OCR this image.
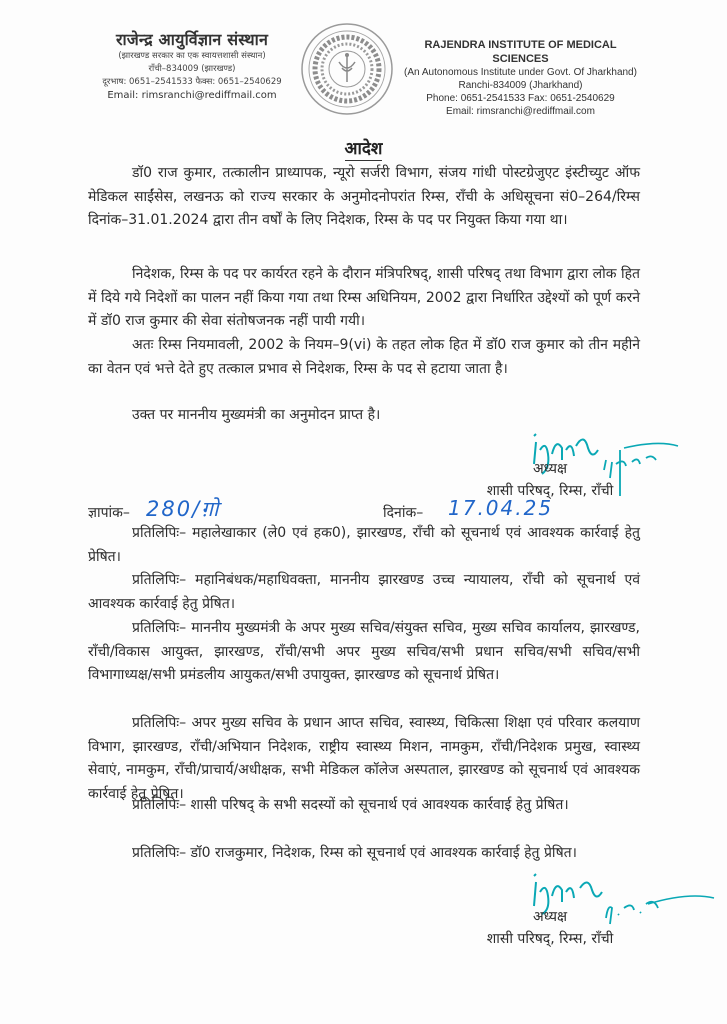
राजेन्द्र आयुर्विज्ञान संस्थान
(झारखण्ड सरकार का एक स्वायत्तशासी संस्थान)
राँची–834009 (झारखण्ड)
दूरभाष: 0651–2541533 फैक्स: 0651–2540629
Email: rimsranchi@rediffmail.com
RAJENDRA INSTITUTE OF MEDICAL SCIENCES
(An Autonomous Institute under Govt. Of Jharkhand)
Ranchi-834009 (Jharkhand)
Phone: 0651-2541533 Fax: 0651-2540629
Email: rimsranchi@rediffmail.com
आदेश
डॉ0 राज कुमार, तत्कालीन प्राध्यापक, न्यूरो सर्जरी विभाग, संजय गांधी पोस्टग्रेजुएट इंस्टीच्युट ऑफ मेडिकल साईंसेस, लखनऊ को राज्य सरकार के अनुमोदनोपरांत रिम्स, राँची के अधिसूचना सं0–264/रिम्स दिनांक–31.01.2024 द्वारा तीन वर्षों के लिए निदेशक, रिम्स के पद पर नियुक्त किया गया था।
निदेशक, रिम्स के पद पर कार्यरत रहने के दौरान मंत्रिपरिषद्, शासी परिषद् तथा विभाग द्वारा लोक हित में दिये गये निदेशों का पालन नहीं किया गया तथा रिम्स अधिनियम, 2002 द्वारा निर्धारित उद्देश्यों को पूर्ण करने में डॉ0 राज कुमार की सेवा संतोषजनक नहीं पायी गयी।
अतः रिम्स नियमावली, 2002 के नियम–9(vi) के तहत लोक हित में डॉ0 राज कुमार को तीन महीने का वेतन एवं भत्ते देते हुए तत्काल प्रभाव से निदेशक, रिम्स के पद से हटाया जाता है।
उक्त पर माननीय मुख्यमंत्री का अनुमोदन प्राप्त है।
अध्यक्ष
शासी परिषद्, रिम्स, राँची
ज्ञापांक– 280/ग़ो	दिनांक– 17.04.25
प्रतिलिपिः– महालेखाकार (ले0 एवं हक0), झारखण्ड, राँची को सूचनार्थ एवं आवश्यक कार्रवाई हेतु प्रेषित।
प्रतिलिपिः– महानिबंधक/महाधिवक्ता, माननीय झारखण्ड उच्च न्यायालय, राँची को सूचनार्थ एवं आवश्यक कार्रवाई हेतु प्रेषित।
प्रतिलिपिः– माननीय मुख्यमंत्री के अपर मुख्य सचिव/संयुक्त सचिव, मुख्य सचिव कार्यालय, झारखण्ड, राँची/विकास आयुक्त, झारखण्ड, राँची/सभी अपर मुख्य सचिव/सभी प्रधान सचिव/सभी सचिव/सभी विभागाध्यक्ष/सभी प्रमंडलीय आयुकत/सभी उपायुक्त, झारखण्ड को सूचनार्थ प्रेषित।
प्रतिलिपिः– अपर मुख्य सचिव के प्रधान आप्त सचिव, स्वास्थ्य, चिकित्सा शिक्षा एवं परिवार कलयाण विभाग, झारखण्ड, राँची/अभियान निदेशक, राष्ट्रीय स्वास्थ्य मिशन, नामकुम, राँची/निदेशक प्रमुख, स्वास्थ्य सेवाएं, नामकुम, राँची/प्राचार्य/अधीक्षक, सभी मेडिकल कॉलेज अस्पताल, झारखण्ड को सूचनार्थ एवं आवश्यक कार्रवाई हेतु प्रेषित।
प्रतिलिपिः– शासी परिषद् के सभी सदस्यों को सूचनार्थ एवं आवश्यक कार्रवाई हेतु प्रेषित।
प्रतिलिपिः– डॉ0 राजकुमार, निदेशक, रिम्स को सूचनार्थ एवं आवश्यक कार्रवाई हेतु प्रेषित।
अध्यक्ष
शासी परिषद्, रिम्स, राँची
